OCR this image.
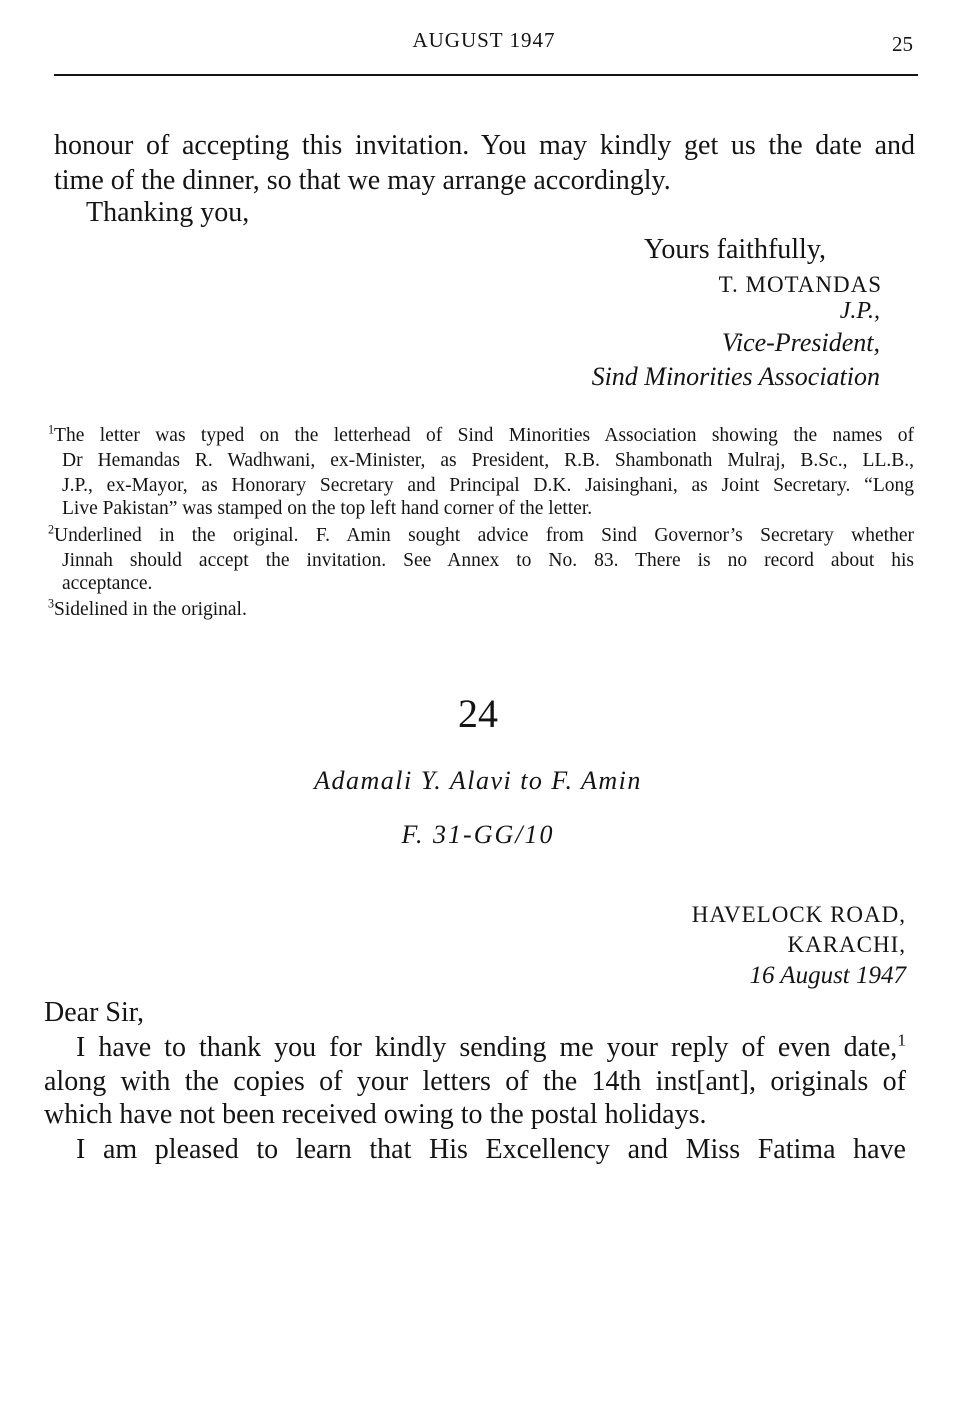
AUGUST 1947	25
honour of accepting this invitation. You may kindly get us the date and
time of the dinner, so that we may arrange accordingly.
Thanking you,
Yours faithfully,
T. MOTANDAS
J.P.,
Vice-President,
Sind Minorities Association
$^1$The letter was typed on the letterhead of Sind Minorities Association showing the names of
Dr Hemandas R. Wadhwani, ex-Minister, as President, R.B. Shambonath Mulraj, B.Sc., LL.B.,
J.P., ex-Mayor, as Honorary Secretary and Principal D.K. Jaisinghani, as Joint Secretary. “Long
Live Pakistan” was stamped on the top left hand corner of the letter.
$^2$Underlined in the original. F. Amin sought advice from Sind Governor’s Secretary whether
Jinnah should accept the invitation. See Annex to No. 83. There is no record about his
acceptance.
$^3$Sidelined in the original.
24
Adamali Y. Alavi to F. Amin
F. 31-GG/10
HAVELOCK ROAD,
KARACHI,
16 August 1947
Dear Sir,
I have to thank you for kindly sending me your reply of even date,$^1$
along with the copies of your letters of the 14th inst[ant], originals of
which have not been received owing to the postal holidays.
I am pleased to learn that His Excellency and Miss Fatima have
